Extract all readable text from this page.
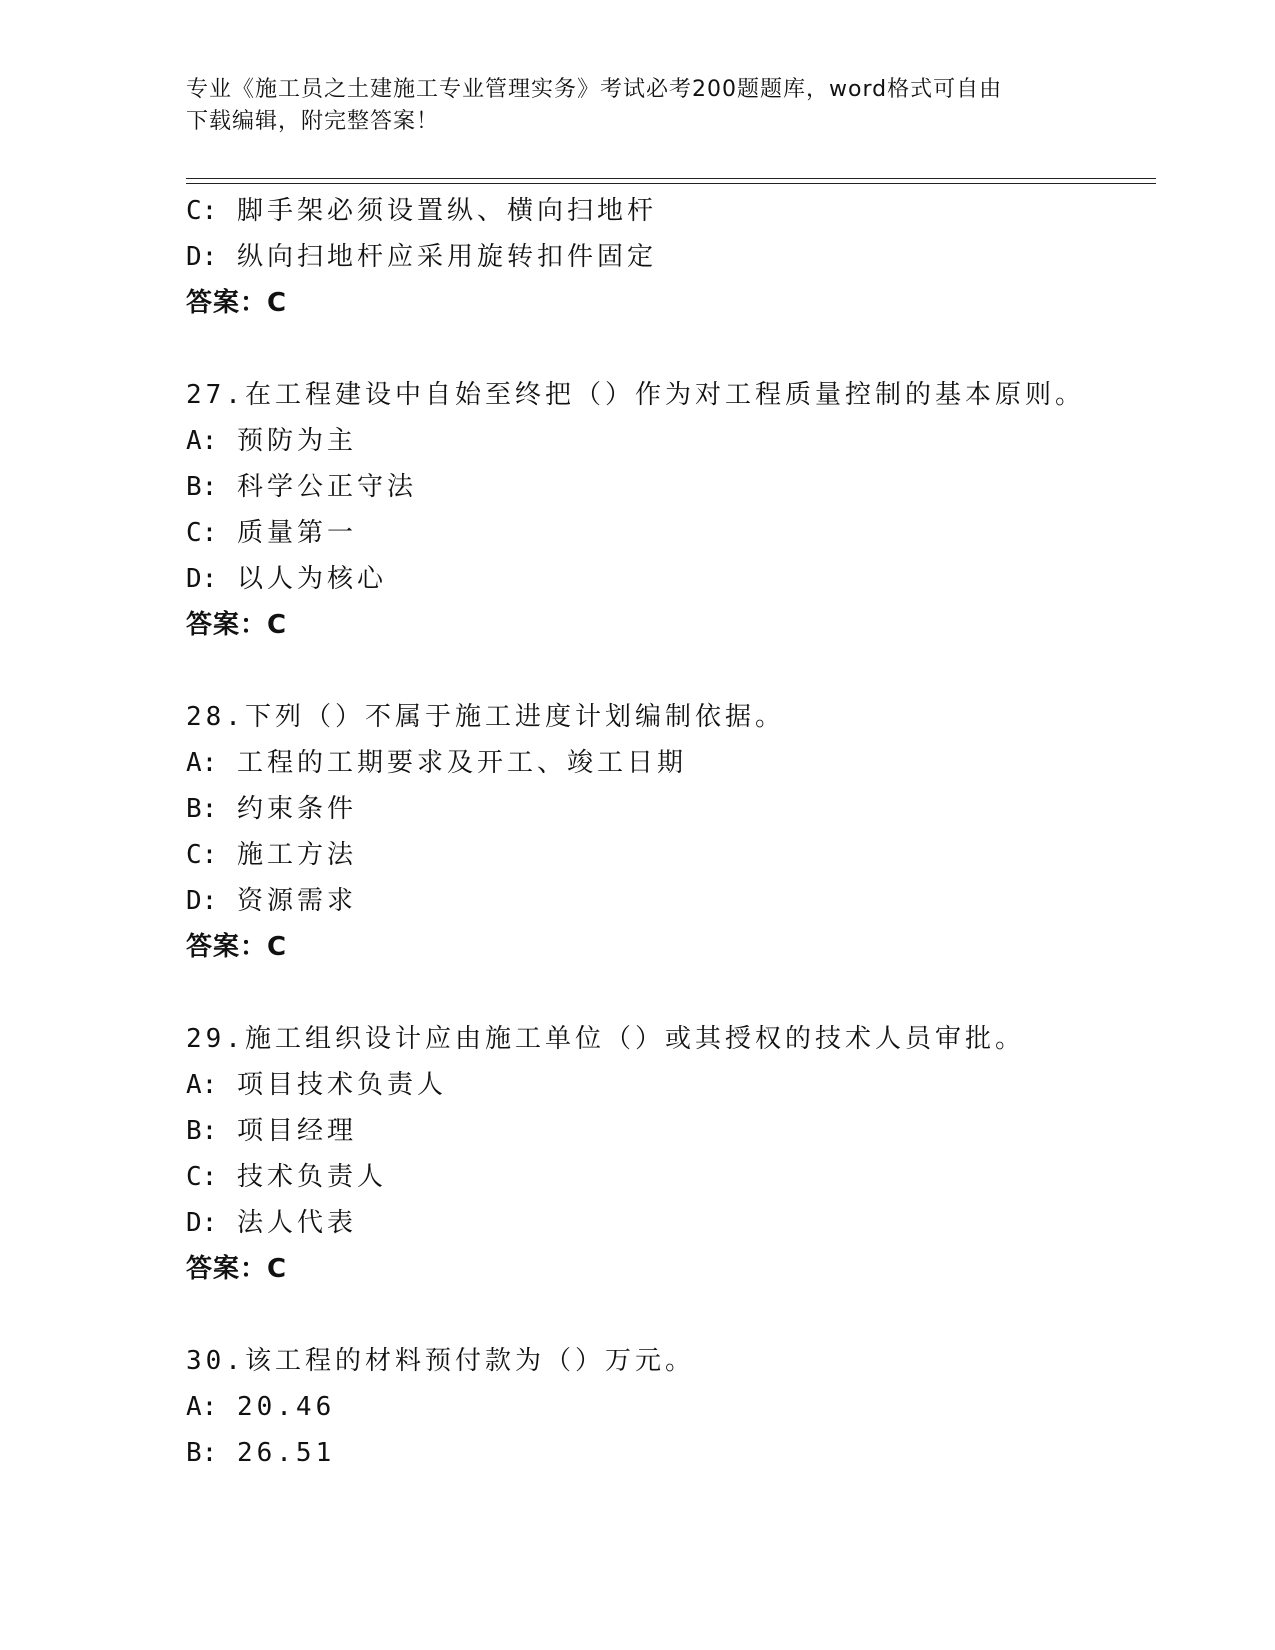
专业《施工员之土建施工专业管理实务》考试必考200题题库，word格式可自由
下载编辑，附完整答案！
C: 脚手架必须设置纵、横向扫地杆
D: 纵向扫地杆应采用旋转扣件固定
答案：C
27.在工程建设中自始至终把（）作为对工程质量控制的基本原则。
A: 预防为主
B: 科学公正守法
C: 质量第一
D: 以人为核心
答案：C
28.下列（）不属于施工进度计划编制依据。
A: 工程的工期要求及开工、竣工日期
B: 约束条件
C: 施工方法
D: 资源需求
答案：C
29.施工组织设计应由施工单位（）或其授权的技术人员审批。
A: 项目技术负责人
B: 项目经理
C: 技术负责人
D: 法人代表
答案：C
30.该工程的材料预付款为（）万元。
A: 20.46
B: 26.51
